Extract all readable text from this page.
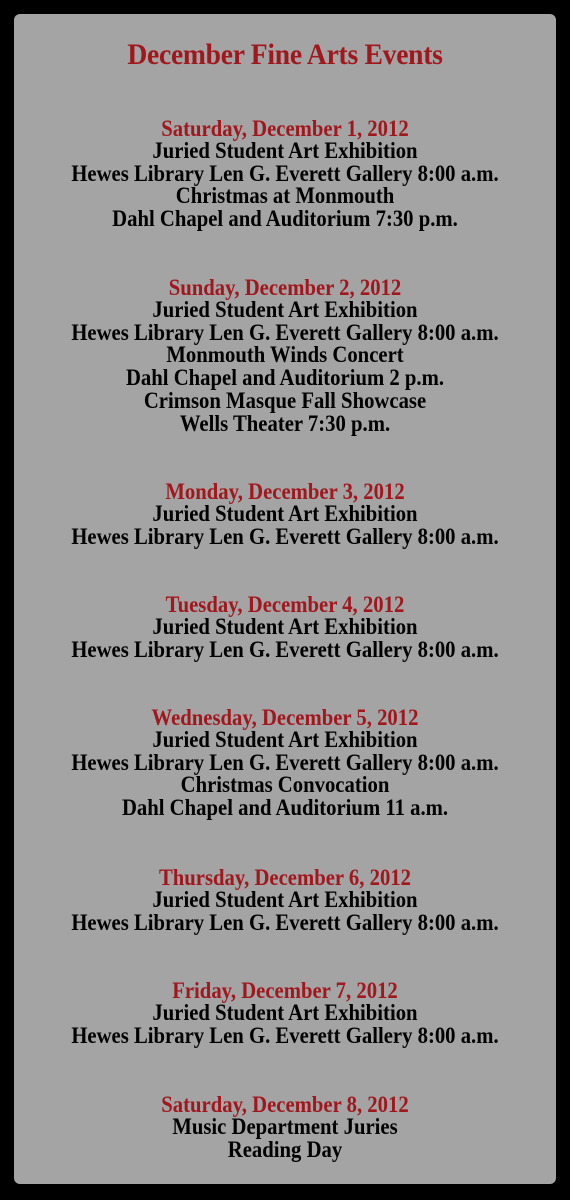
December Fine Arts Events
Saturday, December 1, 2012
Juried Student Art Exhibition
Hewes Library Len G. Everett Gallery 8:00 a.m.
Christmas at Monmouth
Dahl Chapel and Auditorium 7:30 p.m.
Sunday, December 2, 2012
Juried Student Art Exhibition
Hewes Library Len G. Everett Gallery 8:00 a.m.
Monmouth Winds Concert
Dahl Chapel and Auditorium 2 p.m.
Crimson Masque Fall Showcase
Wells Theater 7:30 p.m.
Monday, December 3, 2012
Juried Student Art Exhibition
Hewes Library Len G. Everett Gallery 8:00 a.m.
Tuesday, December 4, 2012
Juried Student Art Exhibition
Hewes Library Len G. Everett Gallery 8:00 a.m.
Wednesday, December 5, 2012
Juried Student Art Exhibition
Hewes Library Len G. Everett Gallery 8:00 a.m.
Christmas Convocation
Dahl Chapel and Auditorium 11 a.m.
Thursday, December 6, 2012
Juried Student Art Exhibition
Hewes Library Len G. Everett Gallery 8:00 a.m.
Friday, December 7, 2012
Juried Student Art Exhibition
Hewes Library Len G. Everett Gallery 8:00 a.m.
Saturday, December 8, 2012
Music Department Juries
Reading Day
